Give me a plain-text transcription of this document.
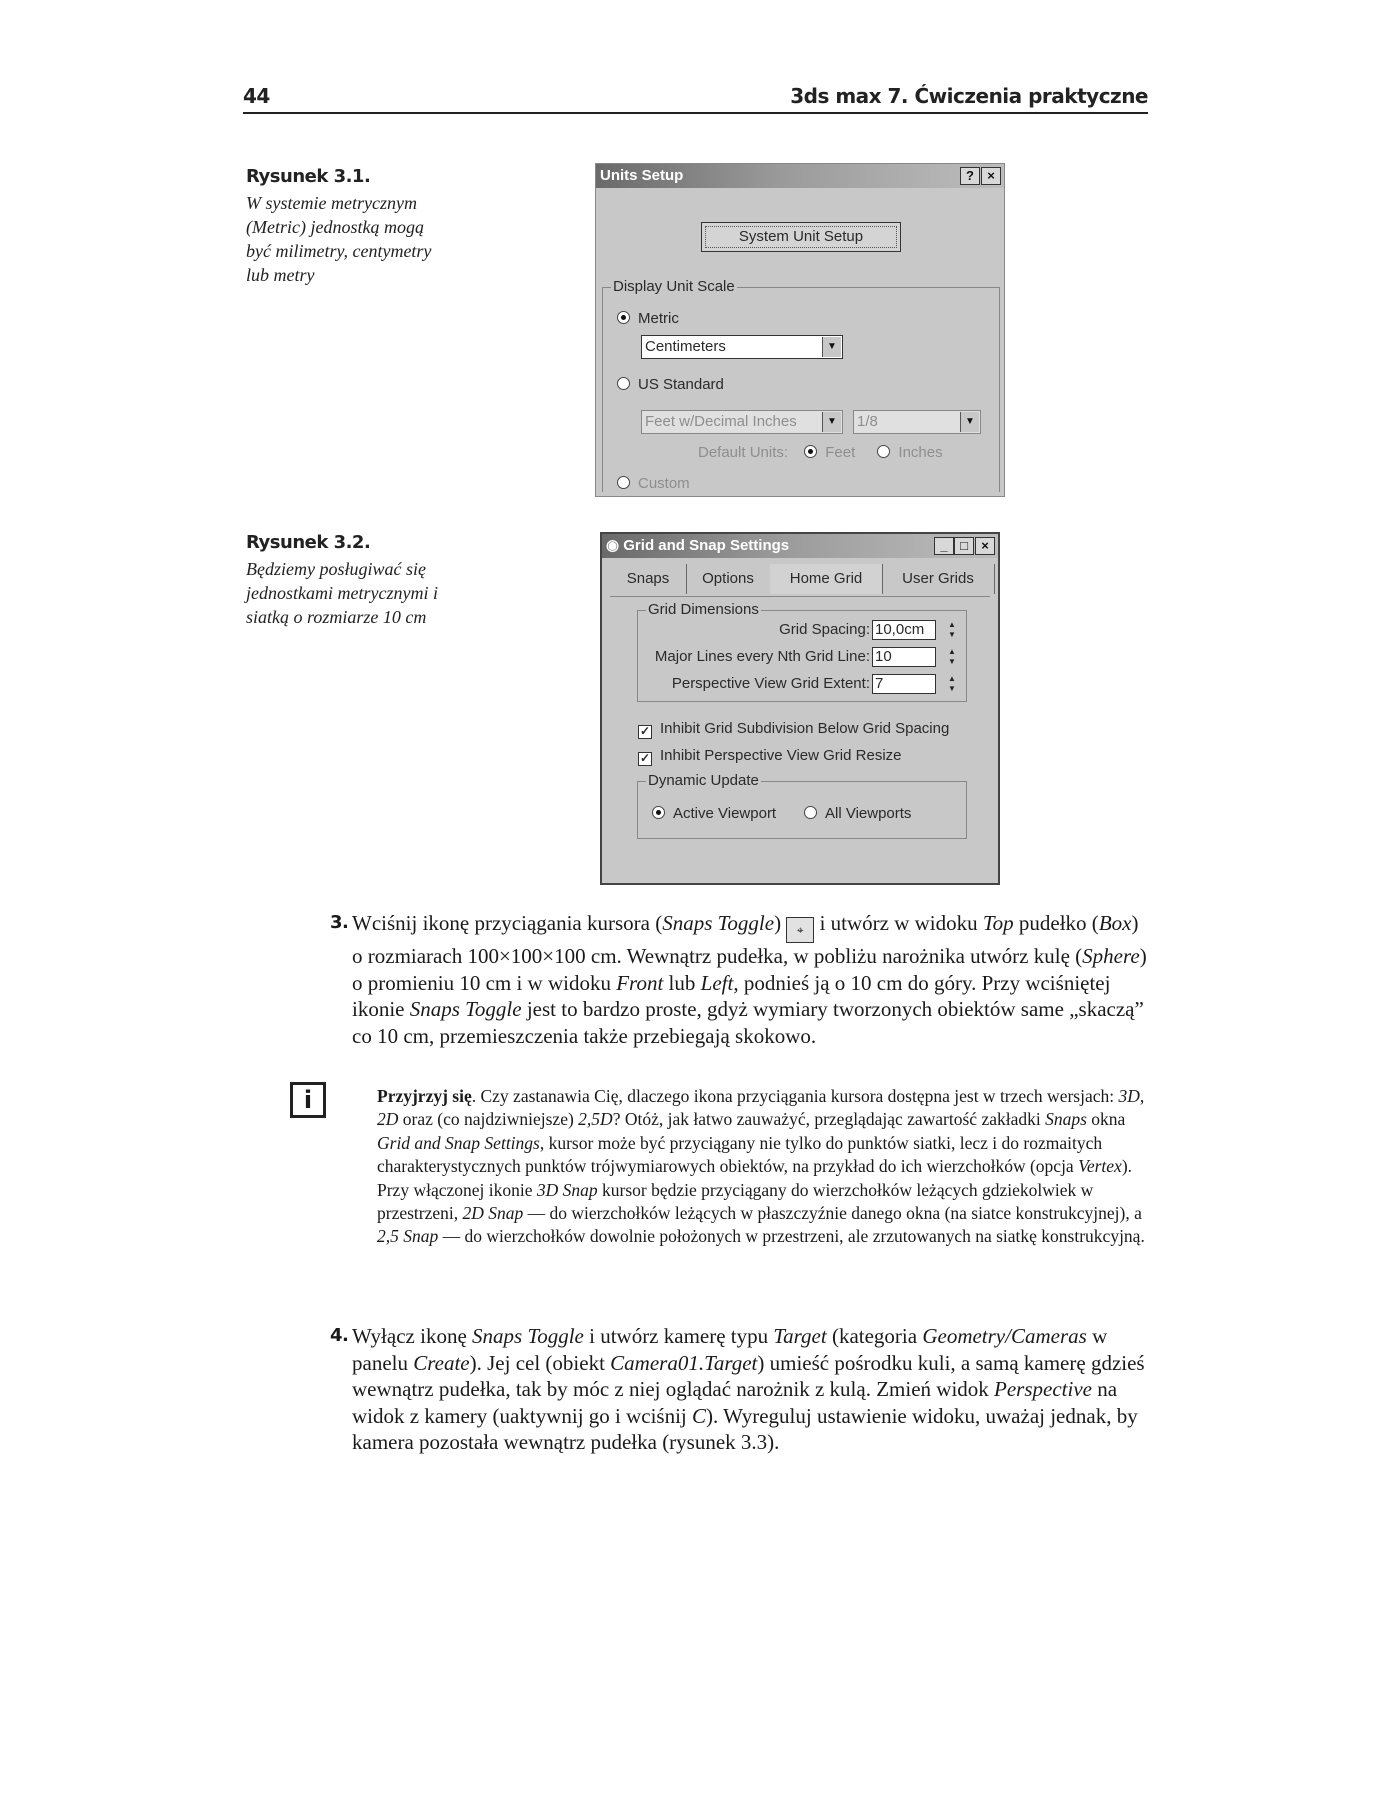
44	3ds max 7. Ćwiczenia praktyczne
Rysunek 3.1.
W systemie metrycznym (Metric) jednostką mogą być milimetry, centymetry lub metry
Units Setup	?	×
System Unit Setup
Display Unit Scale
Metric
Centimeters	▼
US Standard
Feet w/Decimal Inches	▼ 1/8	▼
Default Units: Feet	Inches
Custom
Rysunek 3.2.
Będziemy posługiwać się jednostkami metrycznymi i siatką o rozmiarze 10 cm
◉ Grid and Snap Settings	_ □	×
Snaps	Options	Home Grid	User Grids
Grid Dimensions
Grid Spacing: 10,0cm	▲
▼
Major Lines every Nth Grid Line: 10	▲
▼
Perspective View Grid Extent: 7	▲
▼
✓ Inhibit Grid Subdivision Below Grid Spacing
✓ Inhibit Perspective View Grid Resize
Dynamic Update
Active Viewport	All Viewports
3. Wciśnij ikonę przyciągania kursora (Snaps Toggle) ⌖ i utwórz w widoku Top pudełko (Box) o rozmiarach 100×100×100 cm. Wewnątrz pudełka, w pobliżu narożnika utwórz kulę (Sphere) o promieniu 10 cm i w widoku Front lub Left, podnieś ją o 10 cm do góry. Przy wciśniętej ikonie Snaps Toggle jest to bardzo proste, gdyż wymiary tworzonych obiektów same „skaczą” co 10 cm, przemieszczenia także przebiegają skokowo.

i	Przyjrzyj się. Czy zastanawia Cię, dlaczego ikona przyciągania kursora dostępna jest w trzech wersjach: 3D, 2D oraz (co najdziwniejsze) 2,5D? Otóż, jak łatwo zauważyć, przeglądając zawartość zakładki Snaps okna Grid and Snap Settings, kursor może być przyciągany nie tylko do punktów siatki, lecz i do rozmaitych charakterystycznych punktów trójwymiarowych obiektów, na przykład do ich wierzchołków (opcja Vertex). Przy włączonej ikonie 3D Snap kursor będzie przyciągany do wierzchołków leżących gdziekolwiek w przestrzeni, 2D Snap — do wierzchołków leżących w płaszczyźnie danego okna (na siatce konstrukcyjnej), a 2,5 Snap — do wierzchołków dowolnie położonych w przestrzeni, ale zrzutowanych na siatkę konstrukcyjną.

4. Wyłącz ikonę Snaps Toggle i utwórz kamerę typu Target (kategoria Geometry/Cameras w panelu Create). Jej cel (obiekt Camera01.Target) umieść pośrodku kuli, a samą kamerę gdzieś wewnątrz pudełka, tak by móc z niej oglądać narożnik z kulą. Zmień widok Perspective na widok z kamery (uaktywnij go i wciśnij C). Wyreguluj ustawienie widoku, uważaj jednak, by kamera pozostała wewnątrz pudełka (rysunek 3.3).
